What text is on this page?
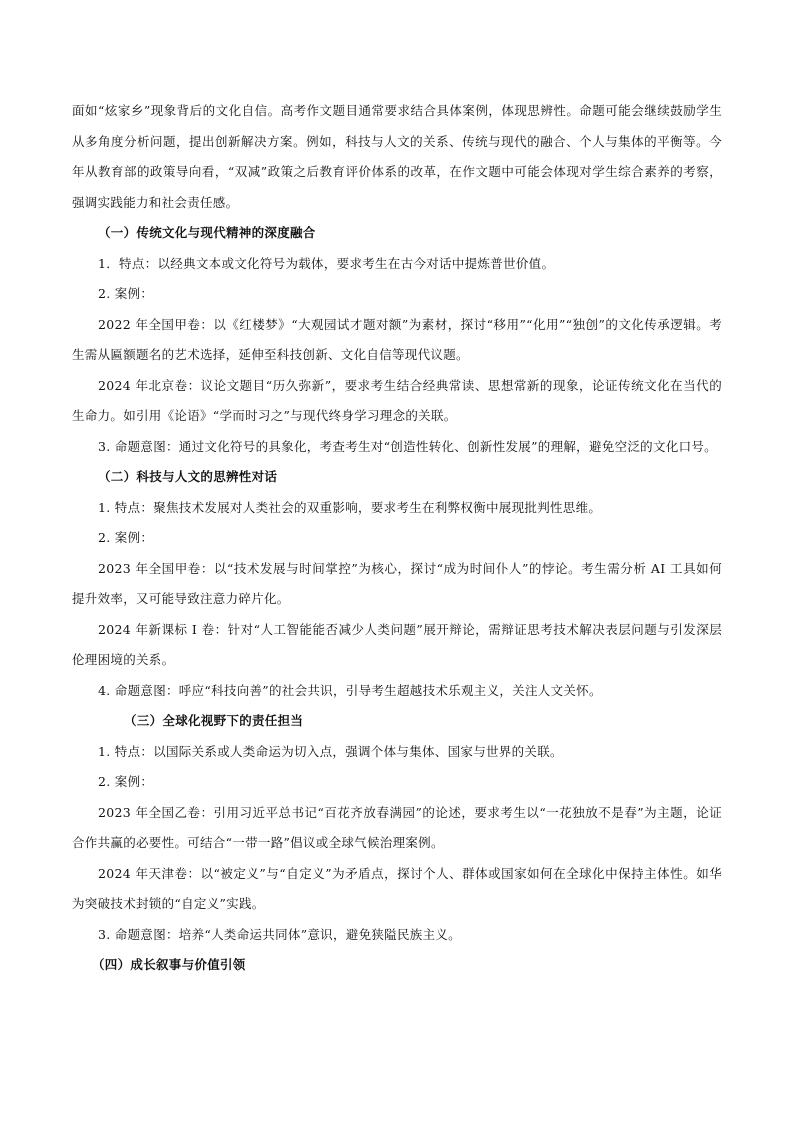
面如“炫家乡”现象背后的文化自信。高考作文题目通常要求结合具体案例，体现思辨性。命题可能会继续鼓励学生从多角度分析问题，提出创新解决方案。例如，科技与人文的关系、传统与现代的融合、个人与集体的平衡等。今年从教育部的政策导向看，“双减”政策之后教育评价体系的改革，在作文题中可能会体现对学生综合素养的考察，强调实践能力和社会责任感。

（一）传统文化与现代精神的深度融合

1．特点：以经典文本或文化符号为载体，要求考生在古今对话中提炼普世价值。

2. 案例：

2022 年全国甲卷：以《红楼梦》“大观园试才题对额”为素材，探讨“移用”“化用”“独创”的文化传承逻辑。考生需从匾额题名的艺术选择，延伸至科技创新、文化自信等现代议题。

2024 年北京卷：议论文题目“历久弥新”，要求考生结合经典常读、思想常新的现象，论证传统文化在当代的生命力。如引用《论语》“学而时习之”与现代终身学习理念的关联。

3. 命题意图：通过文化符号的具象化，考查考生对“创造性转化、创新性发展”的理解，避免空泛的文化口号。

（二）科技与人文的思辨性对话

1. 特点：聚焦技术发展对人类社会的双重影响，要求考生在利弊权衡中展现批判性思维。

2. 案例：

2023 年全国甲卷：以“技术发展与时间掌控”为核心，探讨“成为时间仆人”的悖论。考生需分析 AI 工具如何提升效率，又可能导致注意力碎片化。

2024 年新课标 I 卷：针对“人工智能能否减少人类问题”展开辩论，需辩证思考技术解决表层问题与引发深层伦理困境的关系。

4. 命题意图：呼应“科技向善”的社会共识，引导考生超越技术乐观主义，关注人文关怀。

（三）全球化视野下的责任担当

1. 特点：以国际关系或人类命运为切入点，强调个体与集体、国家与世界的关联。

2. 案例：

2023 年全国乙卷：引用习近平总书记“百花齐放春满园”的论述，要求考生以“一花独放不是春”为主题，论证合作共赢的必要性。可结合“一带一路”倡议或全球气候治理案例。

2024 年天津卷：以“被定义”与“自定义”为矛盾点，探讨个人、群体或国家如何在全球化中保持主体性。如华为突破技术封锁的“自定义”实践。

3. 命题意图：培养“人类命运共同体”意识，避免狭隘民族主义。

（四）成长叙事与价值引领
